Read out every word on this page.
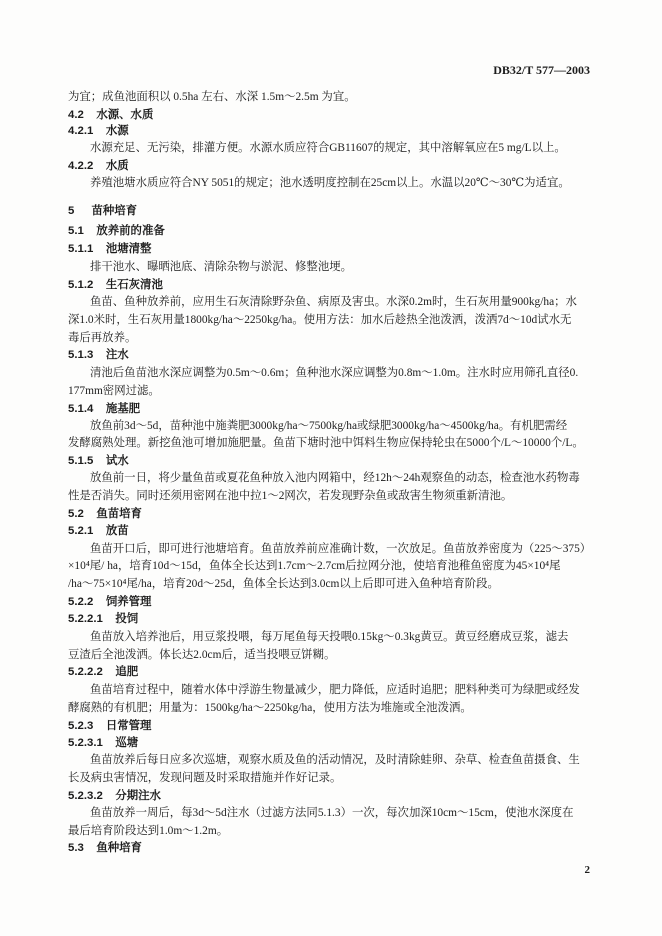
DB32/T 577—2003
为宜；成鱼池面积以 0.5ha 左右、水深 1.5m～2.5m 为宜。
4.2 水源、水质
4.2.1 水源
水源充足、无污染，排灌方便。水源水质应符合GB11607的规定，其中溶解氧应在5 mg/L以上。
4.2.2 水质
养殖池塘水质应符合NY 5051的规定；池水透明度控制在25cm以上。水温以20℃～30℃为适宜。
5 苗种培育
5.1 放养前的准备
5.1.1 池塘清整
排干池水、曝晒池底、清除杂物与淤泥、修整池埂。
5.1.2 生石灰清池
鱼苗、鱼种放养前，应用生石灰清除野杂鱼、病原及害虫。水深0.2m时，生石灰用量900kg/ha；水
深1.0米时，生石灰用量1800kg/ha～2250kg/ha。使用方法：加水后趁热全池泼洒，泼洒7d～10d试水无
毒后再放养。
5.1.3 注水
清池后鱼苗池水深应调整为0.5m～0.6m；鱼种池水深应调整为0.8m～1.0m。注水时应用筛孔直径0.
177mm密网过滤。
5.1.4 施基肥
放鱼前3d～5d，苗种池中施粪肥3000kg/ha～7500kg/ha或绿肥3000kg/ha～4500kg/ha。有机肥需经
发酵腐熟处理。新挖鱼池可增加施肥量。鱼苗下塘时池中饵料生物应保持轮虫在5000个/L～10000个/L。
5.1.5 试水
放鱼前一日，将少量鱼苗或夏花鱼种放入池内网箱中，经12h～24h观察鱼的动态，检查池水药物毒
性是否消失。同时还须用密网在池中拉1～2网次，若发现野杂鱼或敌害生物须重新清池。
5.2 鱼苗培育
5.2.1 放苗
鱼苗开口后，即可进行池塘培育。鱼苗放养前应准确计数，一次放足。鱼苗放养密度为（225～375）
×10⁴尾/ ha，培育10d～15d，鱼体全长达到1.7cm～2.7cm后拉网分池，使培育池稚鱼密度为45×10⁴尾
/ha～75×10⁴尾/ha，培育20d～25d，鱼体全长达到3.0cm以上后即可进入鱼种培育阶段。
5.2.2 饲养管理
5.2.2.1 投饲
鱼苗放入培养池后，用豆浆投喂，每万尾鱼每天投喂0.15kg～0.3kg黄豆。黄豆经磨成豆浆，滤去
豆渣后全池泼洒。体长达2.0cm后，适当投喂豆饼糊。
5.2.2.2 追肥
鱼苗培育过程中，随着水体中浮游生物量减少，肥力降低，应适时追肥；肥料种类可为绿肥或经发
酵腐熟的有机肥；用量为：1500kg/ha～2250kg/ha，使用方法为堆施或全池泼洒。
5.2.3 日常管理
5.2.3.1 巡塘
鱼苗放养后每日应多次巡塘，观察水质及鱼的活动情况，及时清除蛙卵、杂草、检查鱼苗摄食、生
长及病虫害情况，发现问题及时采取措施并作好记录。
5.2.3.2 分期注水
鱼苗放养一周后，每3d～5d注水（过滤方法同5.1.3）一次，每次加深10cm～15cm，使池水深度在
最后培育阶段达到1.0m～1.2m。
5.3 鱼种培育
2
